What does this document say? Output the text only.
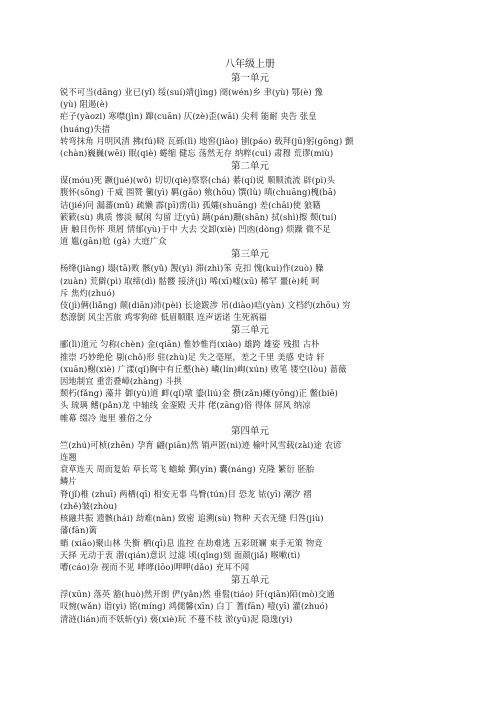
八年级上册
第一单元
锐不可当(dāng) 业已(yǐ) 绥(suí)靖(jìng) 阌(wén)乡 聿(yù) 鄂(è) 豫
(yù) 阻遏(è)
疟子(yàozi) 寒噤(jìn) 蹿(cuān) 仄(zè)歪(wāi) 尖利 能耐 央告 张皇
(huáng)失措
转弯抹角 月明风清 拂(fú)晓 瓦砾(lì) 地窖(jiào) 刨(páo) 载拜(jū)躬(gōng) 颤
(chàn)巍巍(wēi) 眠(qiè) 蜷缩 健忘 荡然无存 纳粹(cuì) 肃穆 荒谬(miù)
第二单元
谋(móu)死 蹶(jué)(wǒ) 切切(qiè)察察(chá) 綦(qí)说 顺顺流流 辟(pì)头
腹怀(sōng) 千威 围赞 黴(yì) 羁(gāo) 飨(hōu) 馔(lù) 嗔(chuāng)槐(bā)
诘(jié)问 漏蕃(mǔ) 疏懒 霹(pī)雳(lì) 孤孀(shuāng) 差(chāi)使 狼籍
簌簌(sù) 典质 惨淡 赋闲 勾留 迂(yū) 蹒(pán)跚(shān) 拭(shì)擦 颓(tuí)
唐 触目伤怀 琐屑 情郁(yù)于中 大去 交卸(xiè) 凹凼(dòng) 烦躁 微不足
道 尴(gān)尬 (gà) 大庭广众
第三单元
杨绛(jiàng) 塌(tā)败 骸(yǔ) 觊(yì) 滞(zhì)笨 克扣 愧(kuì)作(zuò) 臊
(zuàn) 荒僻(pì) 取缔(dì) 骷髅 接济(jì) 唏(xī)嘘(xū) 稀罕 噩(è)耗 呵
斥 焦灼(zhuó)
伎(jì)俩(liǎng) 颠(diān)沛(pèi) 长途跋涉 吊(diào)唁(yàn) 文档约(zhōu) 穷
愁潦倒 风尘苦旅 鸡零狗碎 低眉顺眼 连声诺诺 生死祸福
第三单元
郦(lì)道元 匀称(chèn) 金(qiān) 惟妙惟肖(xiào) 雄跨 雄姿 残损 古朴
推崇 巧妙绝伦 剔(chǒ)形 驻(zhù)足 失之毫厘，差之千里 美感 史诗 轩
(xuān)榭(xiè) 广漾(qǐ)胸中有丘壑(hè) 嶙(lín)峋(xún) 败笔 镂空(lòu) 蔷薇
因地制宜 重峦叠嶂(zhàng) 斗拱
颓朽(fǎng) 藻井 御(yù)道 衅(qǐ)墩 鎏(liú)金 攒(zǎn)瘫(yōng)正 鳖(biē)
头 琉璃 鳍(pǎn)龙 中轴线 金銮殿 天井 佬(zāng)俗 得体 屏风 纳凉
帷幕 缀冷 迤里 雅俗之分
第四单元
竺(zhú)可桢(zhēn) 孕育 翩(piān)然 销声匿(nì)迹 榆叶风雪载(zài)途 农谚
连翘
衰草连天 周而复始 草长莺飞 蟾蜍 鄞(yín) 囊(náng) 克隆 繁衍 胚胎
鳞片
脊(jǐ)椎 (zhuī) 两栖(qī) 相安无事 鸟臀(tún)目 恐龙 铱(yī) 潮汐 褶
(zhě)皱(zhòu)
核融共振 遗骸(hái) 劫难(nàn) 致密 追溯(sù) 物种 天衣无缝 归咎(jiù)
藩(fān)篱
蛸 (xiāo)聚山林 失衡 栖(qī)息 监控 在劫难逃 五彩斑斓 束手无策 物竞
天择 无动于衷 潜(qián)意识 过滤 顷(qǐng)刻 面颜(jiǎ) 喉嗽(tì)
嘈(cáo)杂 视而不见 哮哮(lōo)呷呷(dǎo) 充耳不闻
第五单元
浮(xūn) 落英 豁(huò)然开朗 俨(yǎn)然 垂髫(tiáo) 阡(qiān)陌(mò)交通
叹惋(wǎn) 诣(yì) 铭(míng) 鸿儒馨(xīn) 白丁 蓍(fān) 噎(yī) 灌(zhuó)
清涟(lián)而不妖斩(yì) 亵(xiè)玩 不蔓不枝 淤(yū)泥 隐逸(yì)
